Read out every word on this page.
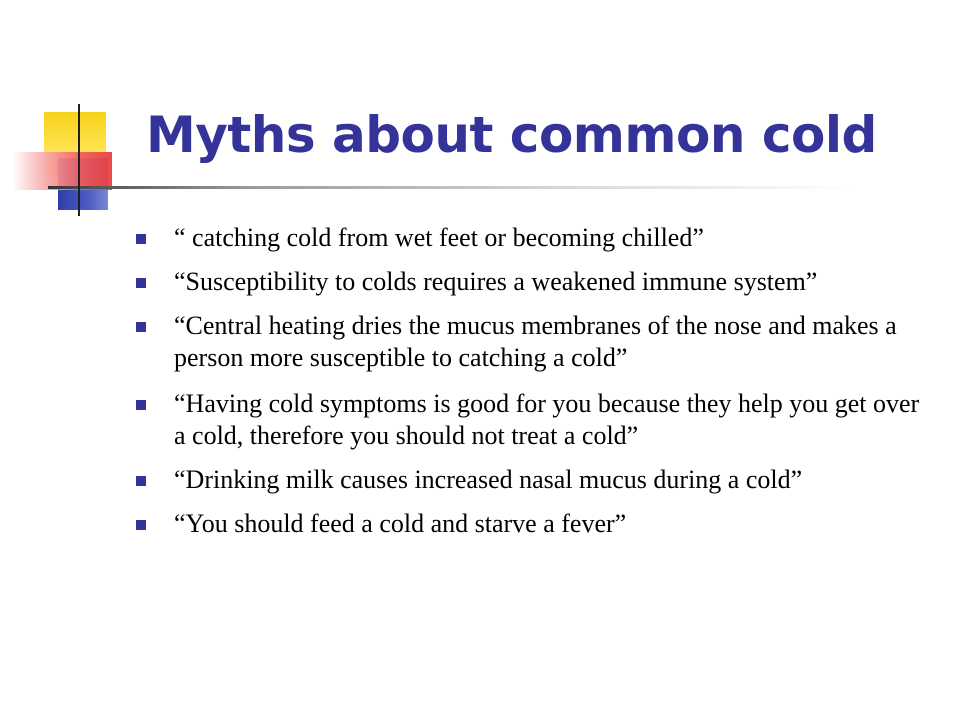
Myths about common cold
“ catching cold from wet feet or becoming chilled”
“Susceptibility to colds requires a weakened immune system”
“Central heating dries the mucus membranes of the nose and makes a person more susceptible to catching a cold”
“Having cold symptoms is good for you because they help you get over a cold, therefore you should not treat a cold”
“Drinking milk causes increased nasal mucus during a cold”
“You should feed a cold and starve a fever”
